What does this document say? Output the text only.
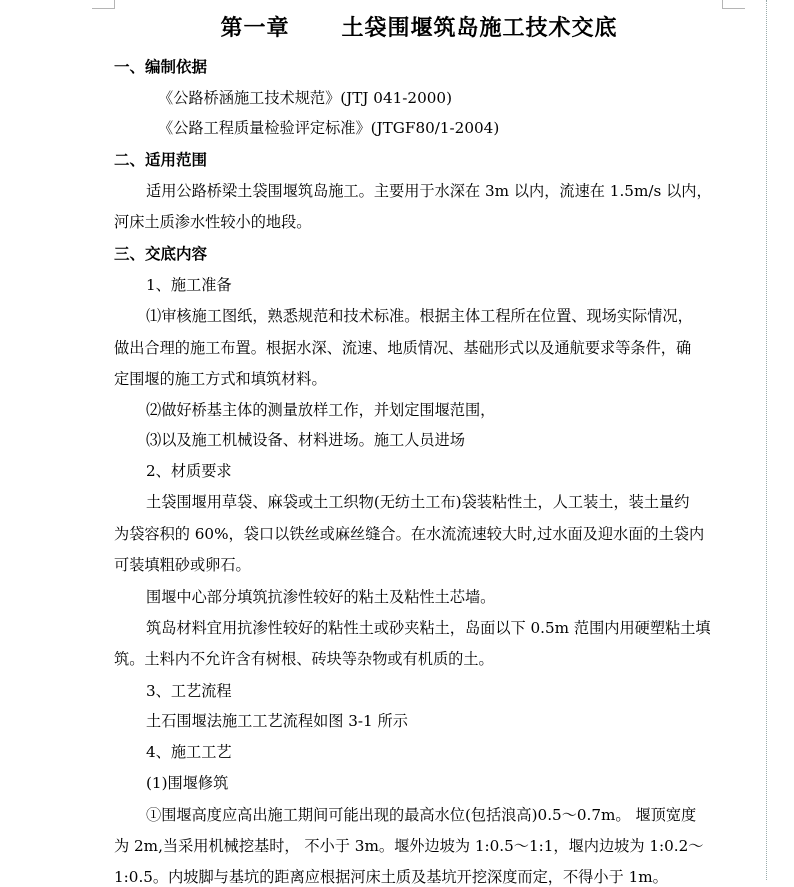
第一章      土袋围堰筑岛施工技术交底
一、编制依据
《公路桥涵施工技术规范》(JTJ 041-2000)
《公路工程质量检验评定标准》(JTGF80/1-2004)
二、适用范围
适用公路桥梁土袋围堰筑岛施工。主要用于水深在 3m 以内，流速在 1.5m/s 以内，
河床土质渗水性较小的地段。
三、交底内容
1、施工准备
⑴审核施工图纸，熟悉规范和技术标准。根据主体工程所在位置、现场实际情况，
做出合理的施工布置。根据水深、流速、地质情况、基础形式以及通航要求等条件，确
定围堰的施工方式和填筑材料。
⑵做好桥基主体的测量放样工作，并划定围堰范围，
⑶以及施工机械设备、材料进场。施工人员进场
2、材质要求
土袋围堰用草袋、麻袋或土工织物(无纺土工布)袋装粘性土，人工装土，装土量约
为袋容积的 60%，袋口以铁丝或麻丝缝合。在水流流速较大时,过水面及迎水面的土袋内
可装填粗砂或卵石。
围堰中心部分填筑抗渗性较好的粘土及粘性土芯墙。
筑岛材料宜用抗渗性较好的粘性土或砂夹粘土，岛面以下 0.5m 范围内用硬塑粘土填
筑。土料内不允许含有树根、砖块等杂物或有机质的土。
3、工艺流程
土石围堰法施工工艺流程如图 3-1 所示
4、施工工艺
(1)围堰修筑
①围堰高度应高出施工期间可能出现的最高水位(包括浪高)0.5～0.7m。 堰顶宽度
为 2m,当采用机械挖基时， 不小于 3m。堰外边坡为 1:0.5～1:1，堰内边坡为 1:0.2～
1:0.5。内坡脚与基坑的距离应根据河床土质及基坑开挖深度而定，不得小于 1m。
